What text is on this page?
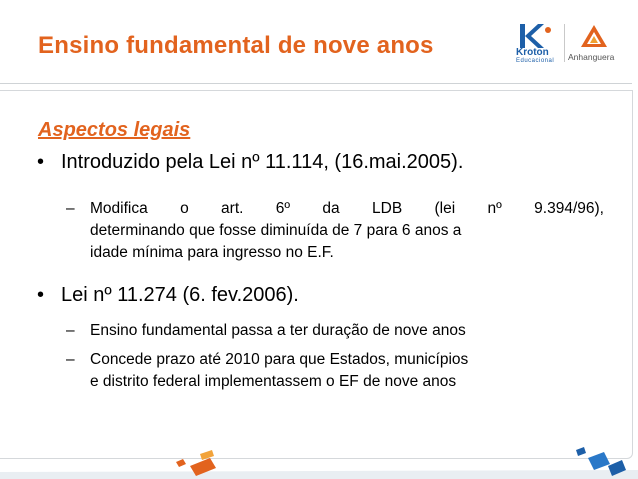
Ensino fundamental de nove anos	Kroton
Educacional Anhanguera
Aspectos legais
• Introduzido pela Lei nº 11.114, (16.mai.2005).
– Modifica o art. 6º da LDB (lei nº 9.394/96),
determinando que fosse diminuída de 7 para 6 anos a
idade mínima para ingresso no E.F.
• Lei nº 11.274 (6. fev.2006).
– Ensino fundamental passa a ter duração de nove anos
– Concede prazo até 2010 para que Estados, municípios
e distrito federal implementassem o EF de nove anos
